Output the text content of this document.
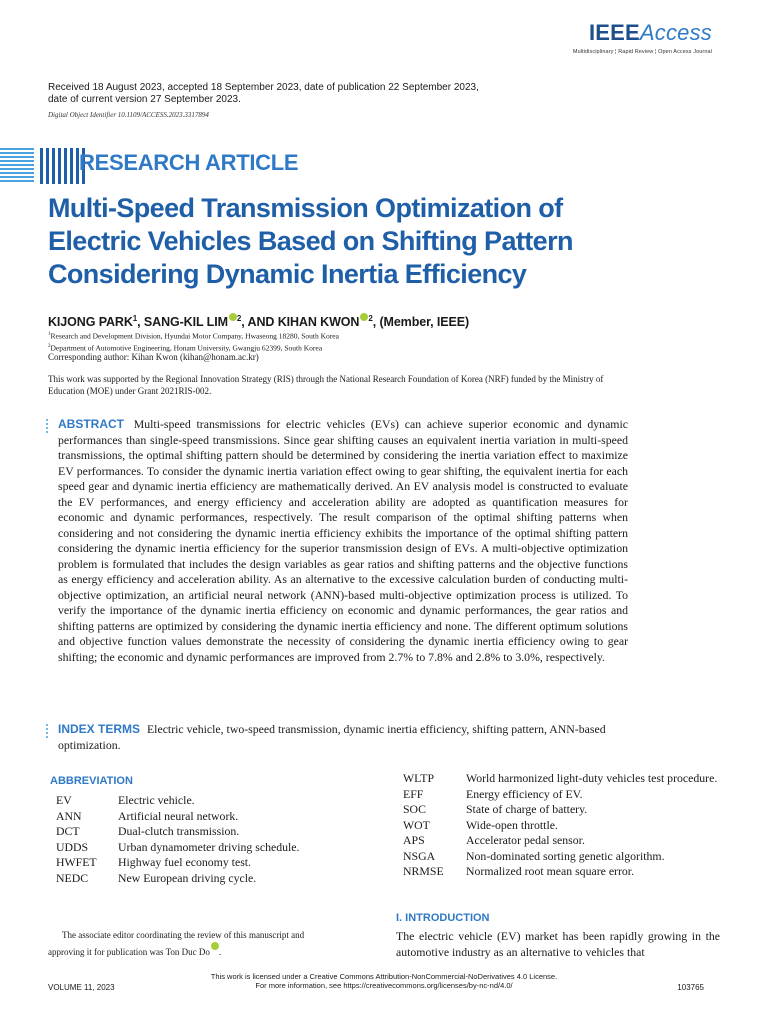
IEEEAccess
Multidisciplinary ¦ Rapid Review ¦ Open Access Journal
Received 18 August 2023, accepted 18 September 2023, date of publication 22 September 2023,
date of current version 27 September 2023.
Digital Object Identifier 10.1109/ACCESS.2023.3317894
RESEARCH ARTICLE
Multi-Speed Transmission Optimization of
Electric Vehicles Based on Shifting Pattern
Considering Dynamic Inertia Efficiency
KIJONG PARK$^1$, SANG-KIL LIM $^2$, AND KIHAN KWON $^2$, (Member, IEEE)
$^1$Research and Development Division, Hyundai Motor Company, Hwaseong 18280, South Korea
$^2$Department of Automotive Engineering, Honam University, Gwangju 62399, South Korea
Corresponding author: Kihan Kwon (kihan@honam.ac.kr)
This work was supported by the Regional Innovation Strategy (RIS) through the National Research Foundation of Korea (NRF) funded by the Ministry of Education (MOE) under Grant 2021RIS-002.
ABSTRACT Multi-speed transmissions for electric vehicles (EVs) can achieve superior economic and dynamic performances than single-speed transmissions. Since gear shifting causes an equivalent inertia variation in multi-speed transmissions, the optimal shifting pattern should be determined by considering the inertia variation effect to maximize EV performances. To consider the dynamic inertia variation effect owing to gear shifting, the equivalent inertia for each speed gear and dynamic inertia efficiency are mathematically derived. An EV analysis model is constructed to evaluate the EV performances, and energy efficiency and acceleration ability are adopted as quantification measures for economic and dynamic performances, respectively. The result comparison of the optimal shifting patterns when considering and not considering the dynamic inertia efficiency exhibits the importance of the optimal shifting pattern considering the dynamic inertia efficiency for the superior transmission design of EVs. A multi-objective optimization problem is formulated that includes the design variables as gear ratios and shifting patterns and the objective functions as energy efficiency and acceleration ability. As an alternative to the excessive calculation burden of conducting multi-objective optimization, an artificial neural network (ANN)-based multi-objective optimization process is utilized. To verify the importance of the dynamic inertia efficiency on economic and dynamic performances, the gear ratios and shifting patterns are optimized by considering the dynamic inertia efficiency and none. The different optimum solutions and objective function values demonstrate the necessity of considering the dynamic inertia efficiency owing to gear shifting; the economic and dynamic performances are improved from 2.7% to 7.8% and 2.8% to 3.0%, respectively.
INDEX TERMS Electric vehicle, two-speed transmission, dynamic inertia efficiency, shifting pattern, ANN-based optimization.
ABBREVIATION
EV	Electric vehicle.
ANN	Artificial neural network.
DCT	Dual-clutch transmission.
UDDS	Urban dynamometer driving schedule.
HWFET	Highway fuel economy test.
NEDC	New European driving cycle.
WLTP	World harmonized light-duty vehicles test procedure.
EFF	Energy efficiency of EV.
SOC	State of charge of battery.
WOT	Wide-open throttle.
APS	Accelerator pedal sensor.
NSGA	Non-dominated sorting genetic algorithm.
NRMSE	Normalized root mean square error.
The associate editor coordinating the review of this manuscript and
approving it for publication was Ton Duc Do .
I. INTRODUCTION
The electric vehicle (EV) market has been rapidly growing in the automotive industry as an alternative to vehicles that
This work is licensed under a Creative Commons Attribution-NonCommercial-NoDerivatives 4.0 License.
For more information, see https://creativecommons.org/licenses/by-nc-nd/4.0/
VOLUME 11, 2023	103765
